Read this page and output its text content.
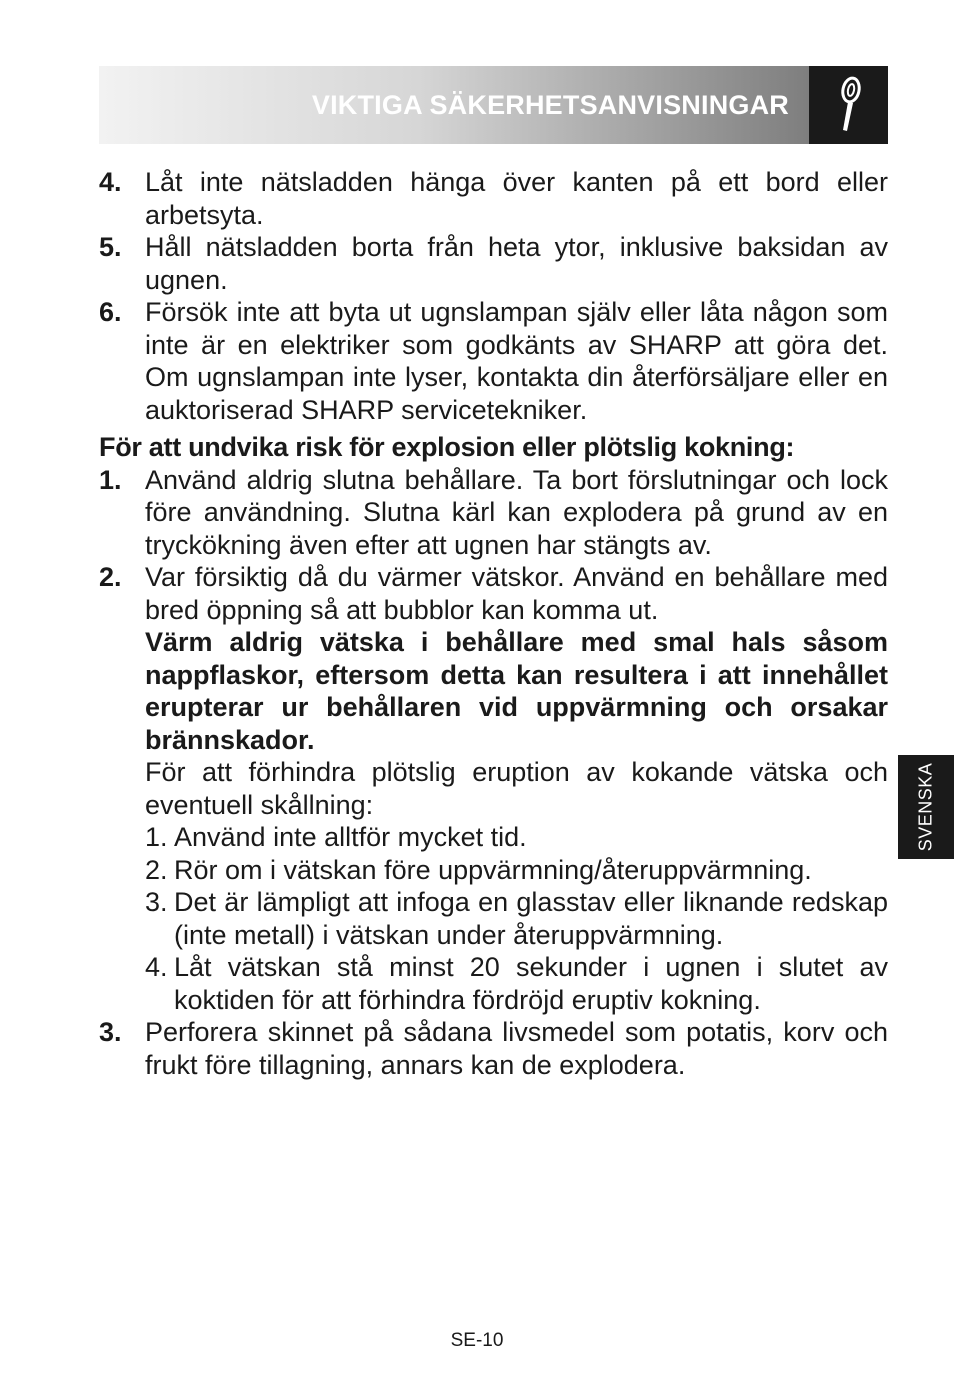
VIKTIGA SÄKERHETSANVISNINGAR
4. Låt inte nätsladden hänga över kanten på ett bord eller arbetsyta.
5. Håll nätsladden borta från heta ytor, inklusive baksidan av ugnen.
6. Försök inte att byta ut ugnslampan själv eller låta någon som inte är en elektriker som godkänts av SHARP att göra det. Om ugnslampan inte lyser, kontakta din återförsäljare eller en auktoriserad SHARP servicetekniker.
För att undvika risk för explosion eller plötslig kokning:
1. Använd aldrig slutna behållare. Ta bort förslutningar och lock före användning. Slutna kärl kan explodera på grund av en tryckökning även efter att ugnen har stängts av.
2. Var försiktig då du värmer vätskor. Använd en behållare med bred öppning så att bubblor kan komma ut.
Värm aldrig vätska i behållare med smal hals såsom nappflaskor, eftersom detta kan resultera i att innehållet erupterar ur behållaren vid uppvärmning och orsakar brännskador.
För att förhindra plötslig eruption av kokande vätska och eventuell skållning:
1. Använd inte alltför mycket tid.
2. Rör om i vätskan före uppvärmning/återuppvärmning.
3. Det är lämpligt att infoga en glasstav eller liknande redskap (inte metall) i vätskan under återuppvärmning.
4. Låt vätskan stå minst 20 sekunder i ugnen i slutet av koktiden för att förhindra fördröjd eruptiv kokning.
3. Perforera skinnet på sådana livsmedel som potatis, korv och frukt före tillagning, annars kan de explodera.
SVENSKA
SE-10
